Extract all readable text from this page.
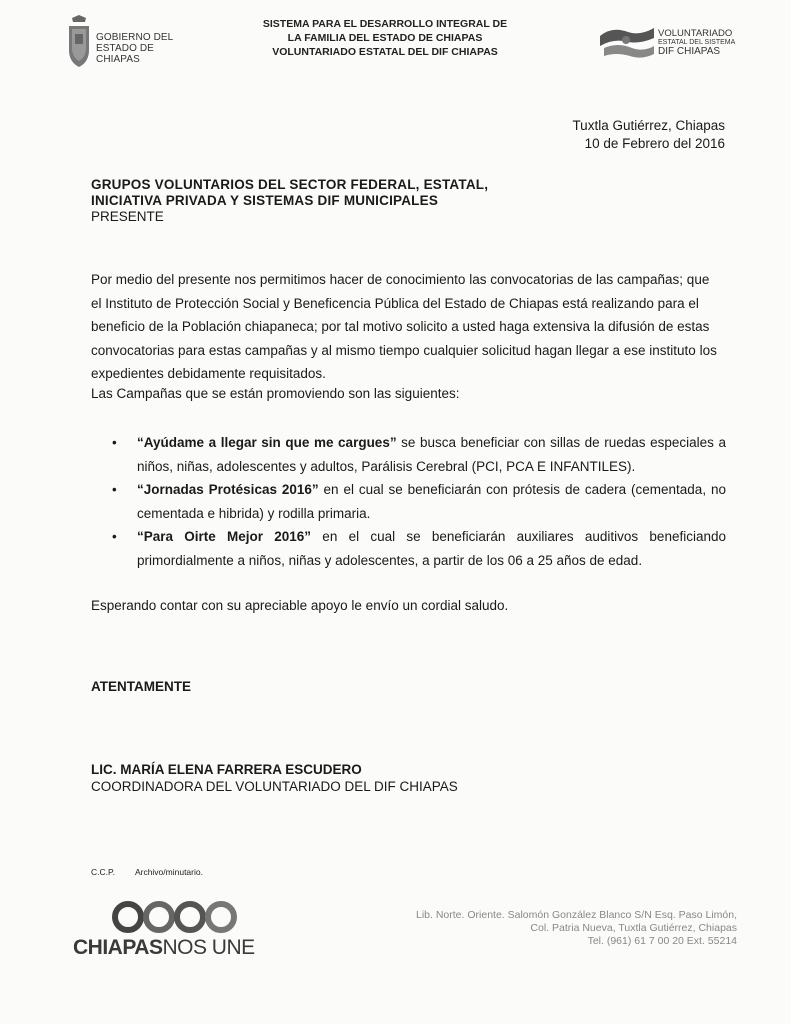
GOBIERNO DEL
ESTADO DE CHIAPAS
SISTEMA PARA EL DESARROLLO INTEGRAL DE
LA FAMILIA DEL ESTADO DE CHIAPAS
VOLUNTARIADO ESTATAL DEL DIF CHIAPAS
VOLUNTARIADO
ESTATAL DEL SISTEMA
DIF CHIAPAS
Tuxtla Gutiérrez, Chiapas
10 de Febrero del 2016
GRUPOS VOLUNTARIOS DEL SECTOR FEDERAL, ESTATAL,
INICIATIVA PRIVADA Y SISTEMAS DIF MUNICIPALES
PRESENTE
Por medio del presente nos permitimos hacer de conocimiento las convocatorias de las campañas; que
el Instituto de Protección Social y Beneficencia Pública del Estado de Chiapas está realizando para el
beneficio de la Población chiapaneca; por tal motivo solicito a usted haga extensiva la difusión de estas
convocatorias para estas campañas y al mismo tiempo cualquier solicitud hagan llegar a ese instituto los
expedientes debidamente requisitados.
Las Campañas que se están promoviendo son las siguientes:
• “Ayúdame a llegar sin que me cargues” se busca beneficiar con sillas de ruedas especiales a niños, niñas, adolescentes y adultos, Parálisis Cerebral (PCI, PCA E INFANTILES).
• “Jornadas Protésicas 2016” en el cual se beneficiarán con prótesis de cadera (cementada, no cementada e hibrida) y rodilla primaria.
• “Para Oirte Mejor 2016” en el cual se beneficiarán auxiliares auditivos beneficiando primordialmente a niños, niñas y adolescentes, a partir de los 06 a 25 años de edad.
Esperando contar con su apreciable apoyo le envío un cordial saludo.
ATENTAMENTE
LIC. MARÍA ELENA FARRERA ESCUDERO
COORDINADORA DEL VOLUNTARIADO DEL DIF CHIAPAS
C.C.P. Archivo/minutario.
CHIAPASNOS UNE
Lib. Norte. Oriente. Salomón González Blanco S/N Esq. Paso Limón,
Col. Patria Nueva, Tuxtla Gutiérrez, Chiapas
Tel. (961) 61 7 00 20 Ext. 55214
